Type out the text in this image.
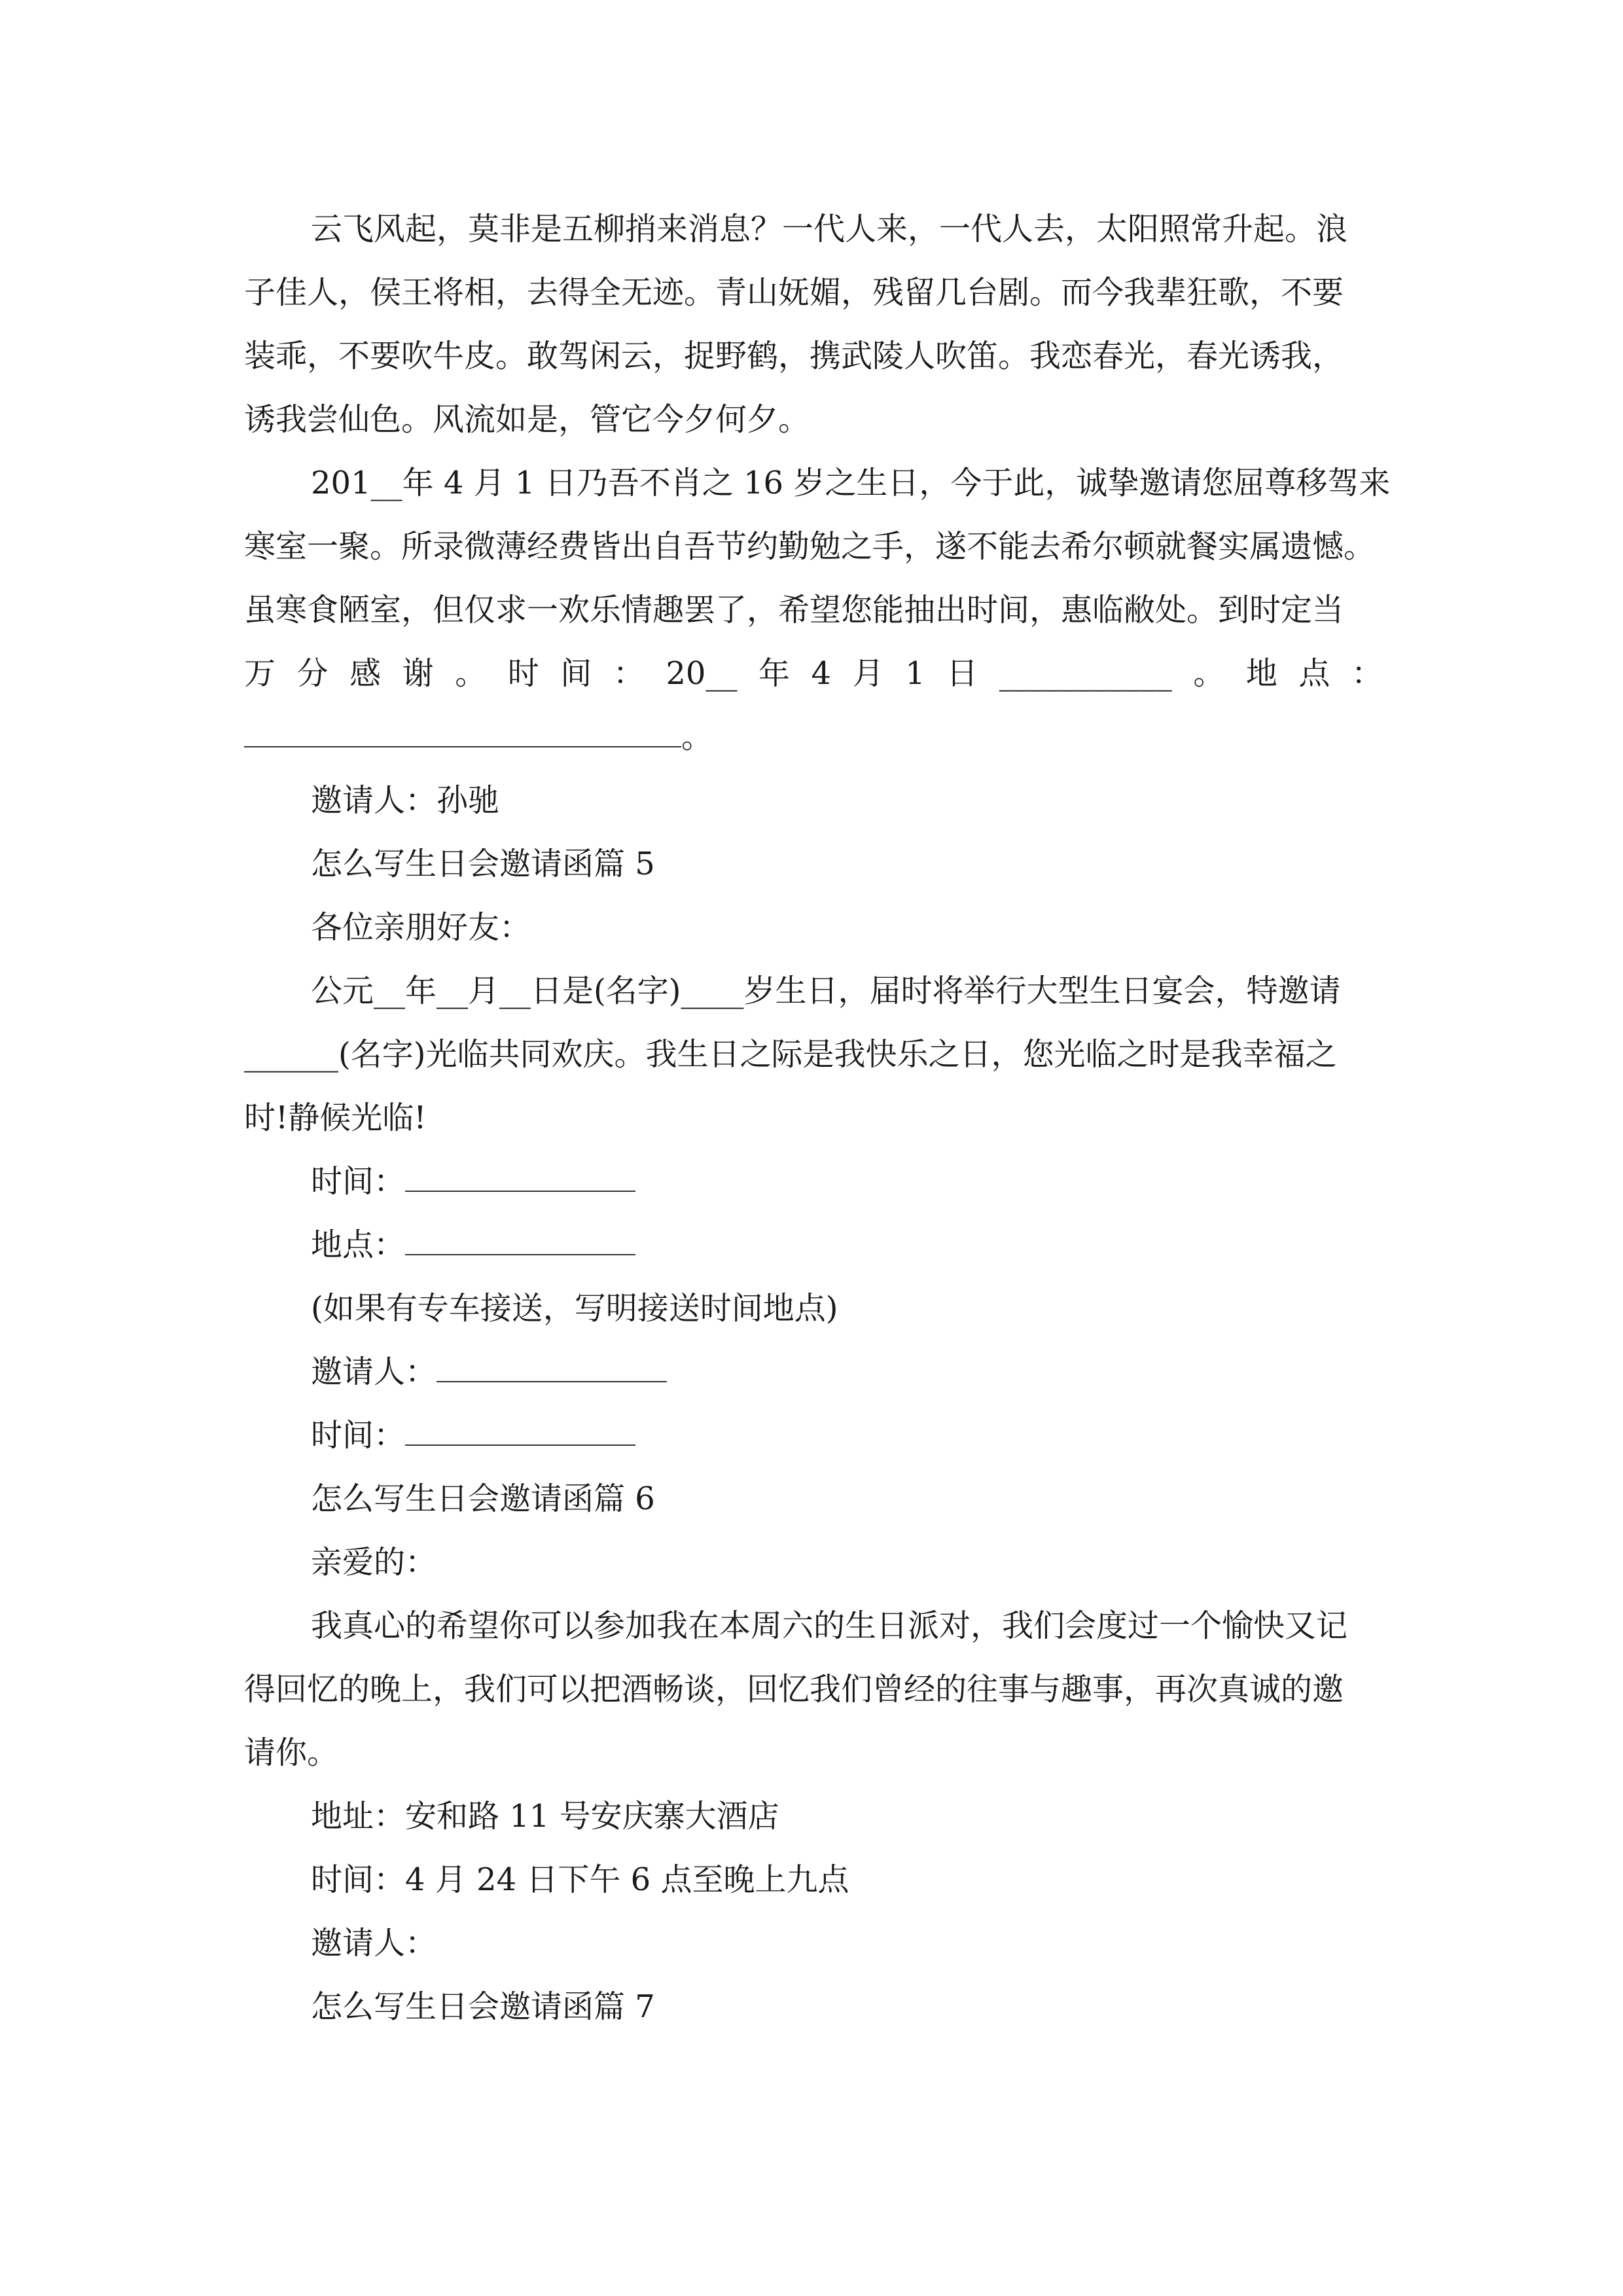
云飞风起，莫非是五柳捎来消息？一代人来，一代人去，太阳照常升起。浪
子佳人，侯王将相，去得全无迹。青山妩媚，残留几台剧。而今我辈狂歌，不要
装乖，不要吹牛皮。敢驾闲云，捉野鹤，携武陵人吹笛。我恋春光，春光诱我，
诱我尝仙色。风流如是，管它今夕何夕。
201__年 4 月 1 日乃吾不肖之 16 岁之生日，今于此，诚挚邀请您屈尊移驾来
寒室一聚。所录微薄经费皆出自吾节约勤勉之手，遂不能去希尔顿就餐实属遗憾。
虽寒食陋室，但仅求一欢乐情趣罢了，希望您能抽出时间，惠临敝处。到时定当
万 分 感 谢 。 时 间 ： 20__ 年 4 月 1 日 ___________ 。 地 点 ：
。
邀请人：孙驰
怎么写生日会邀请函篇 5
各位亲朋好友：
公元__年__月__日是(名字)____岁生日，届时将举行大型生日宴会，特邀请
______(名字)光临共同欢庆。我生日之际是我快乐之日，您光临之时是我幸福之
时!静候光临!
时间：
地点：
(如果有专车接送，写明接送时间地点)
邀请人：
时间：
怎么写生日会邀请函篇 6
亲爱的：
我真心的希望你可以参加我在本周六的生日派对，我们会度过一个愉快又记
得回忆的晚上，我们可以把酒畅谈，回忆我们曾经的往事与趣事，再次真诚的邀
请你。
地址：安和路 11 号安庆寨大酒店
时间：4 月 24 日下午 6 点至晚上九点
邀请人：
怎么写生日会邀请函篇 7
